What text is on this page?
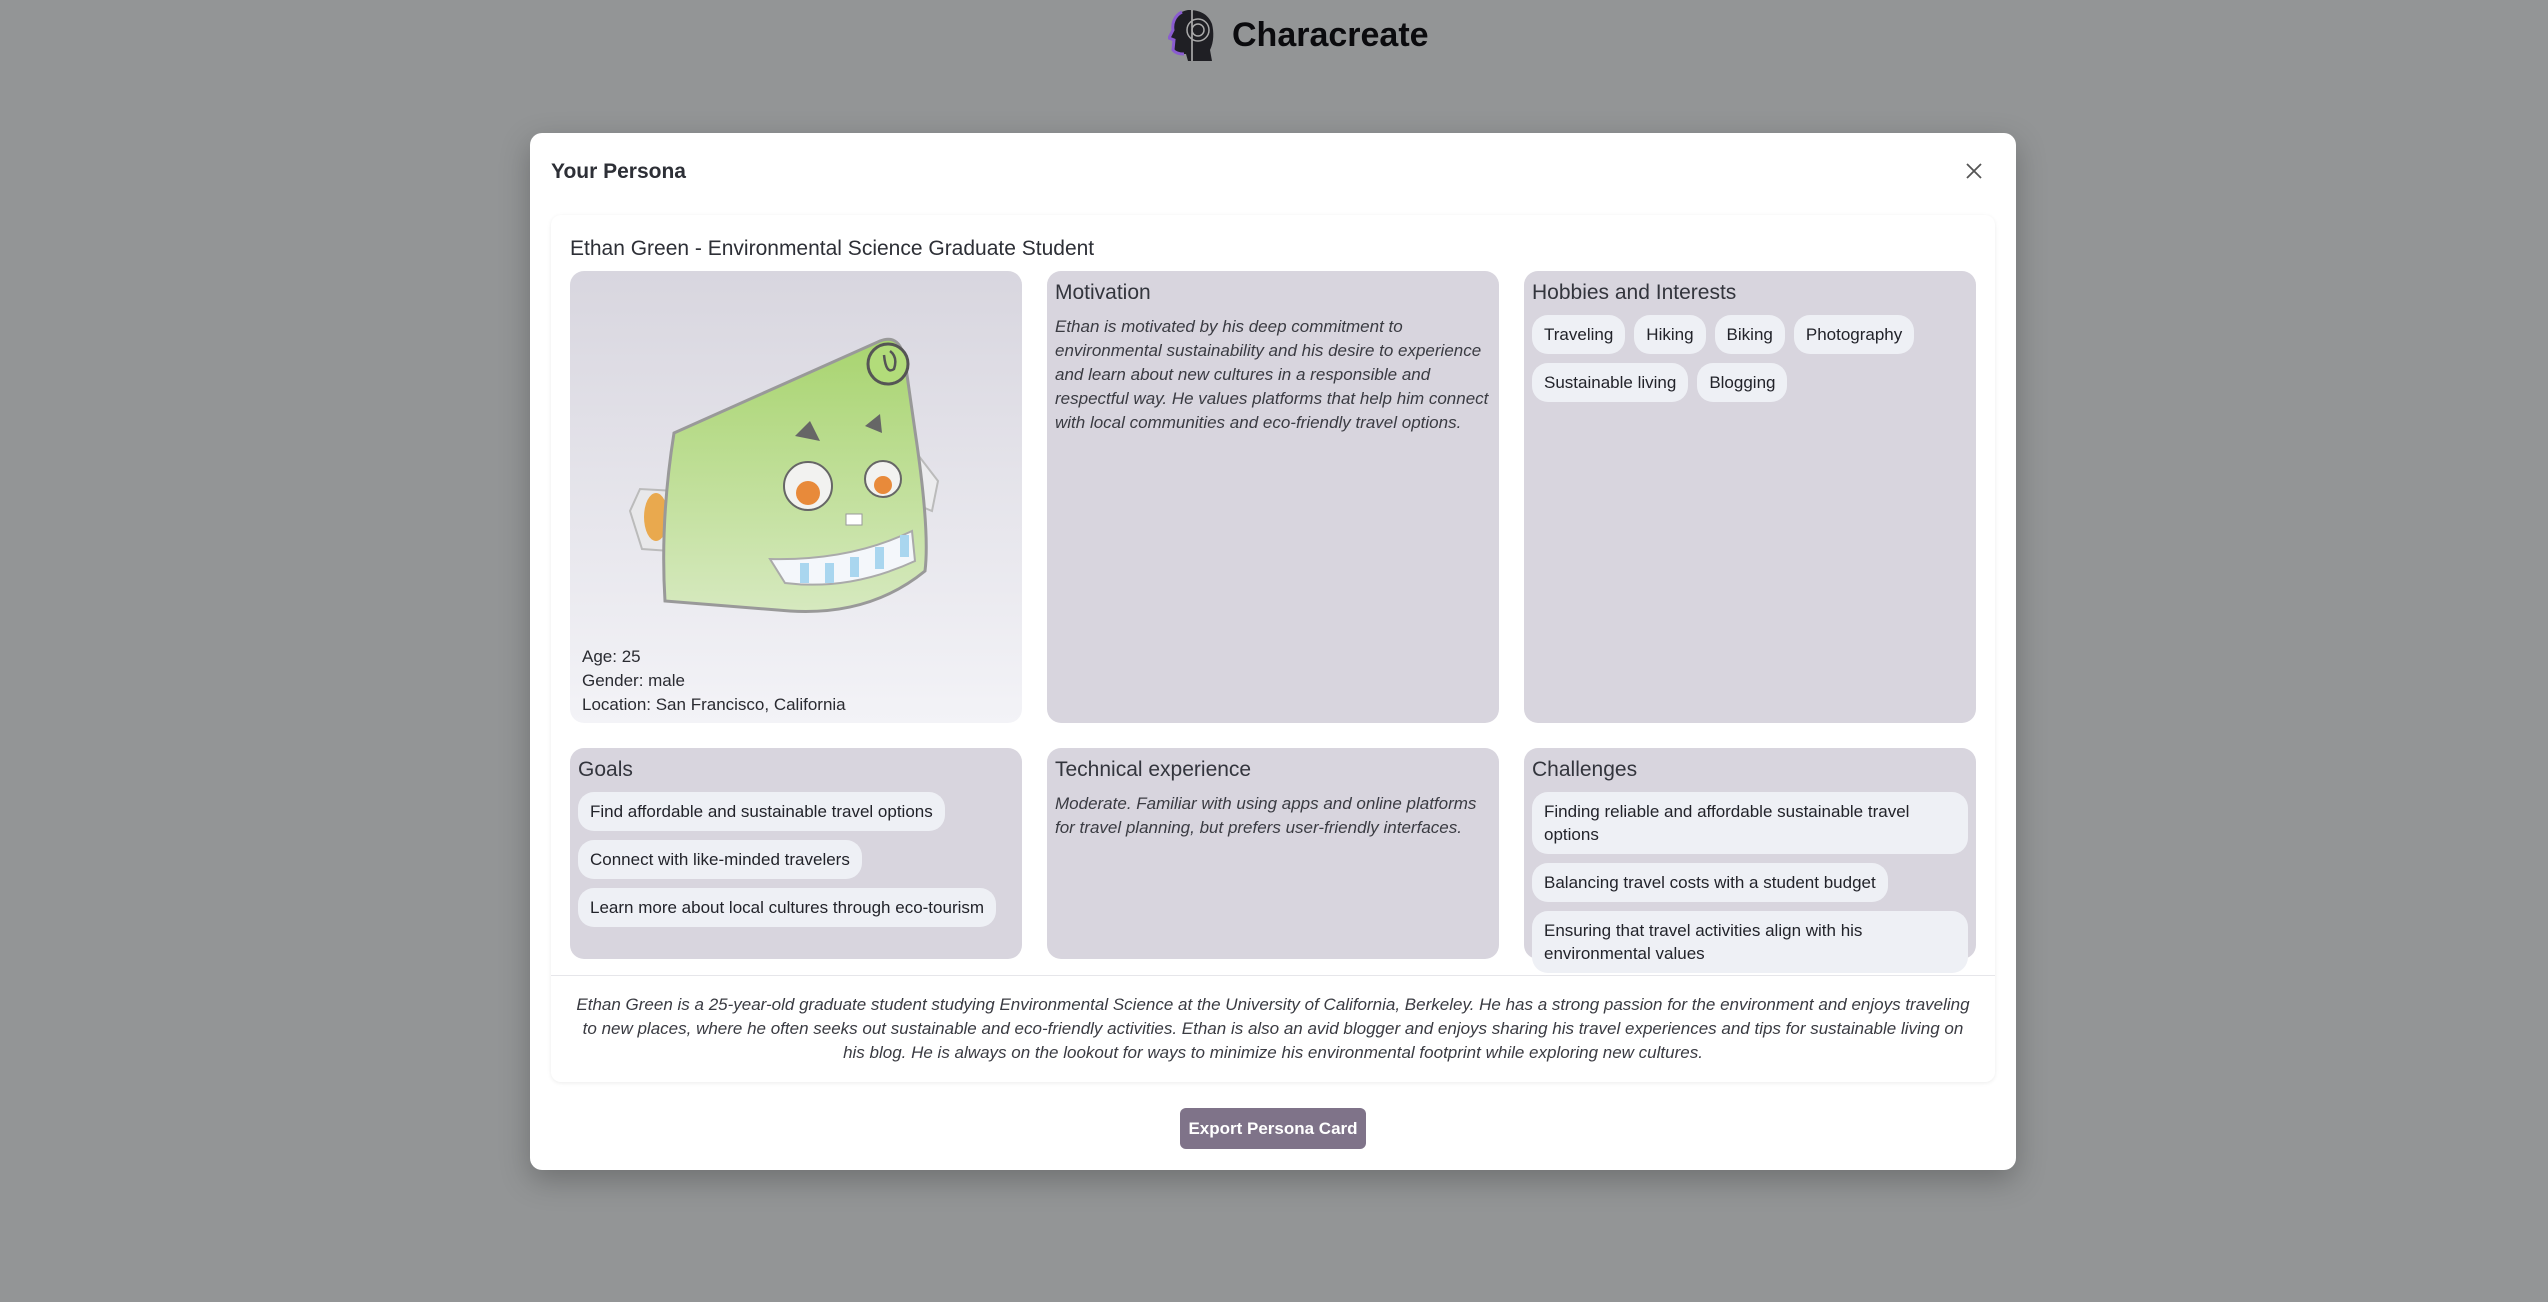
Characreate
Your Persona
Ethan Green - Environmental Science Graduate Student
Age: 25
Gender: male
Location: San Francisco, California
Motivation

Ethan is motivated by his deep commitment to environmental sustainability and his desire to experience and learn about new cultures in a responsible and respectful way. He values platforms that help him connect with local communities and eco-friendly travel options.

Hobbies and Interests
Traveling	Hiking	Biking	Photography
Sustainable living	Blogging
Goals
Find affordable and sustainable travel options
Connect with like-minded travelers
Learn more about local cultures through eco-tourism
Technical experience

Moderate. Familiar with using apps and online platforms for travel planning, but prefers user-friendly interfaces.

Challenges
Finding reliable and affordable sustainable travel options
Balancing travel costs with a student budget
Ensuring that travel activities align with his environmental values
Ethan Green is a 25-year-old graduate student studying Environmental Science at the University of California, Berkeley. He has a strong passion for the environment and enjoys traveling to new places, where he often seeks out sustainable and eco-friendly activities. Ethan is also an avid blogger and enjoys sharing his travel experiences and tips for sustainable living on his blog. He is always on the lookout for ways to minimize his environmental footprint while exploring new cultures.
Export Persona Card
